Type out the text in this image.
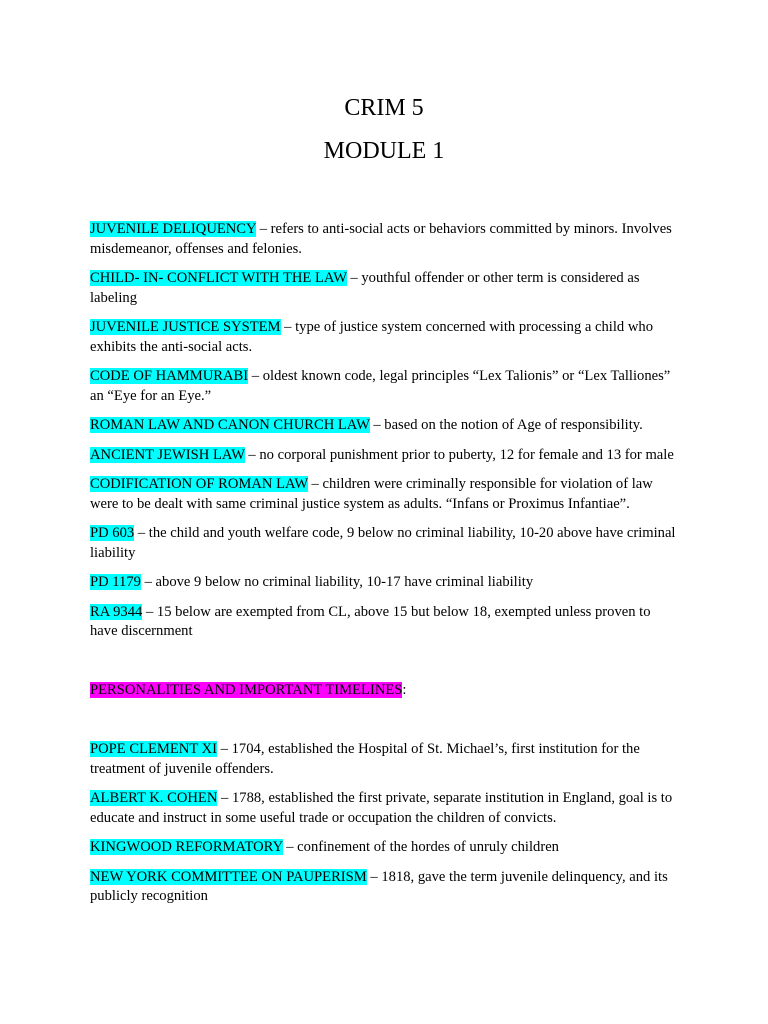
CRIM 5
MODULE 1

JUVENILE DELIQUENCY – refers to anti-social acts or behaviors committed by minors. Involves misdemeanor, offenses and felonies.

CHILD- IN- CONFLICT WITH THE LAW – youthful offender or other term is considered as labeling

JUVENILE JUSTICE SYSTEM – type of justice system concerned with processing a child who exhibits the anti-social acts.

CODE OF HAMMURABI – oldest known code, legal principles “Lex Talionis” or “Lex Talliones” an “Eye for an Eye.”

ROMAN LAW AND CANON CHURCH LAW – based on the notion of Age of responsibility.

ANCIENT JEWISH LAW – no corporal punishment prior to puberty, 12 for female and 13 for male

CODIFICATION OF ROMAN LAW – children were criminally responsible for violation of law were to be dealt with same criminal justice system as adults. “Infans or Proximus Infantiae”.

PD 603 – the child and youth welfare code, 9 below no criminal liability, 10-20 above have criminal liability

PD 1179 – above 9 below no criminal liability, 10-17 have criminal liability

RA 9344 – 15 below are exempted from CL, above 15 but below 18, exempted unless proven to have discernment

PERSONALITIES AND IMPORTANT TIMELINES:

POPE CLEMENT XI – 1704, established the Hospital of St. Michael’s, first institution for the treatment of juvenile offenders.

ALBERT K. COHEN – 1788, established the first private, separate institution in England, goal is to educate and instruct in some useful trade or occupation the children of convicts.

KINGWOOD REFORMATORY – confinement of the hordes of unruly children

NEW YORK COMMITTEE ON PAUPERISM – 1818, gave the term juvenile delinquency, and its publicly recognition
